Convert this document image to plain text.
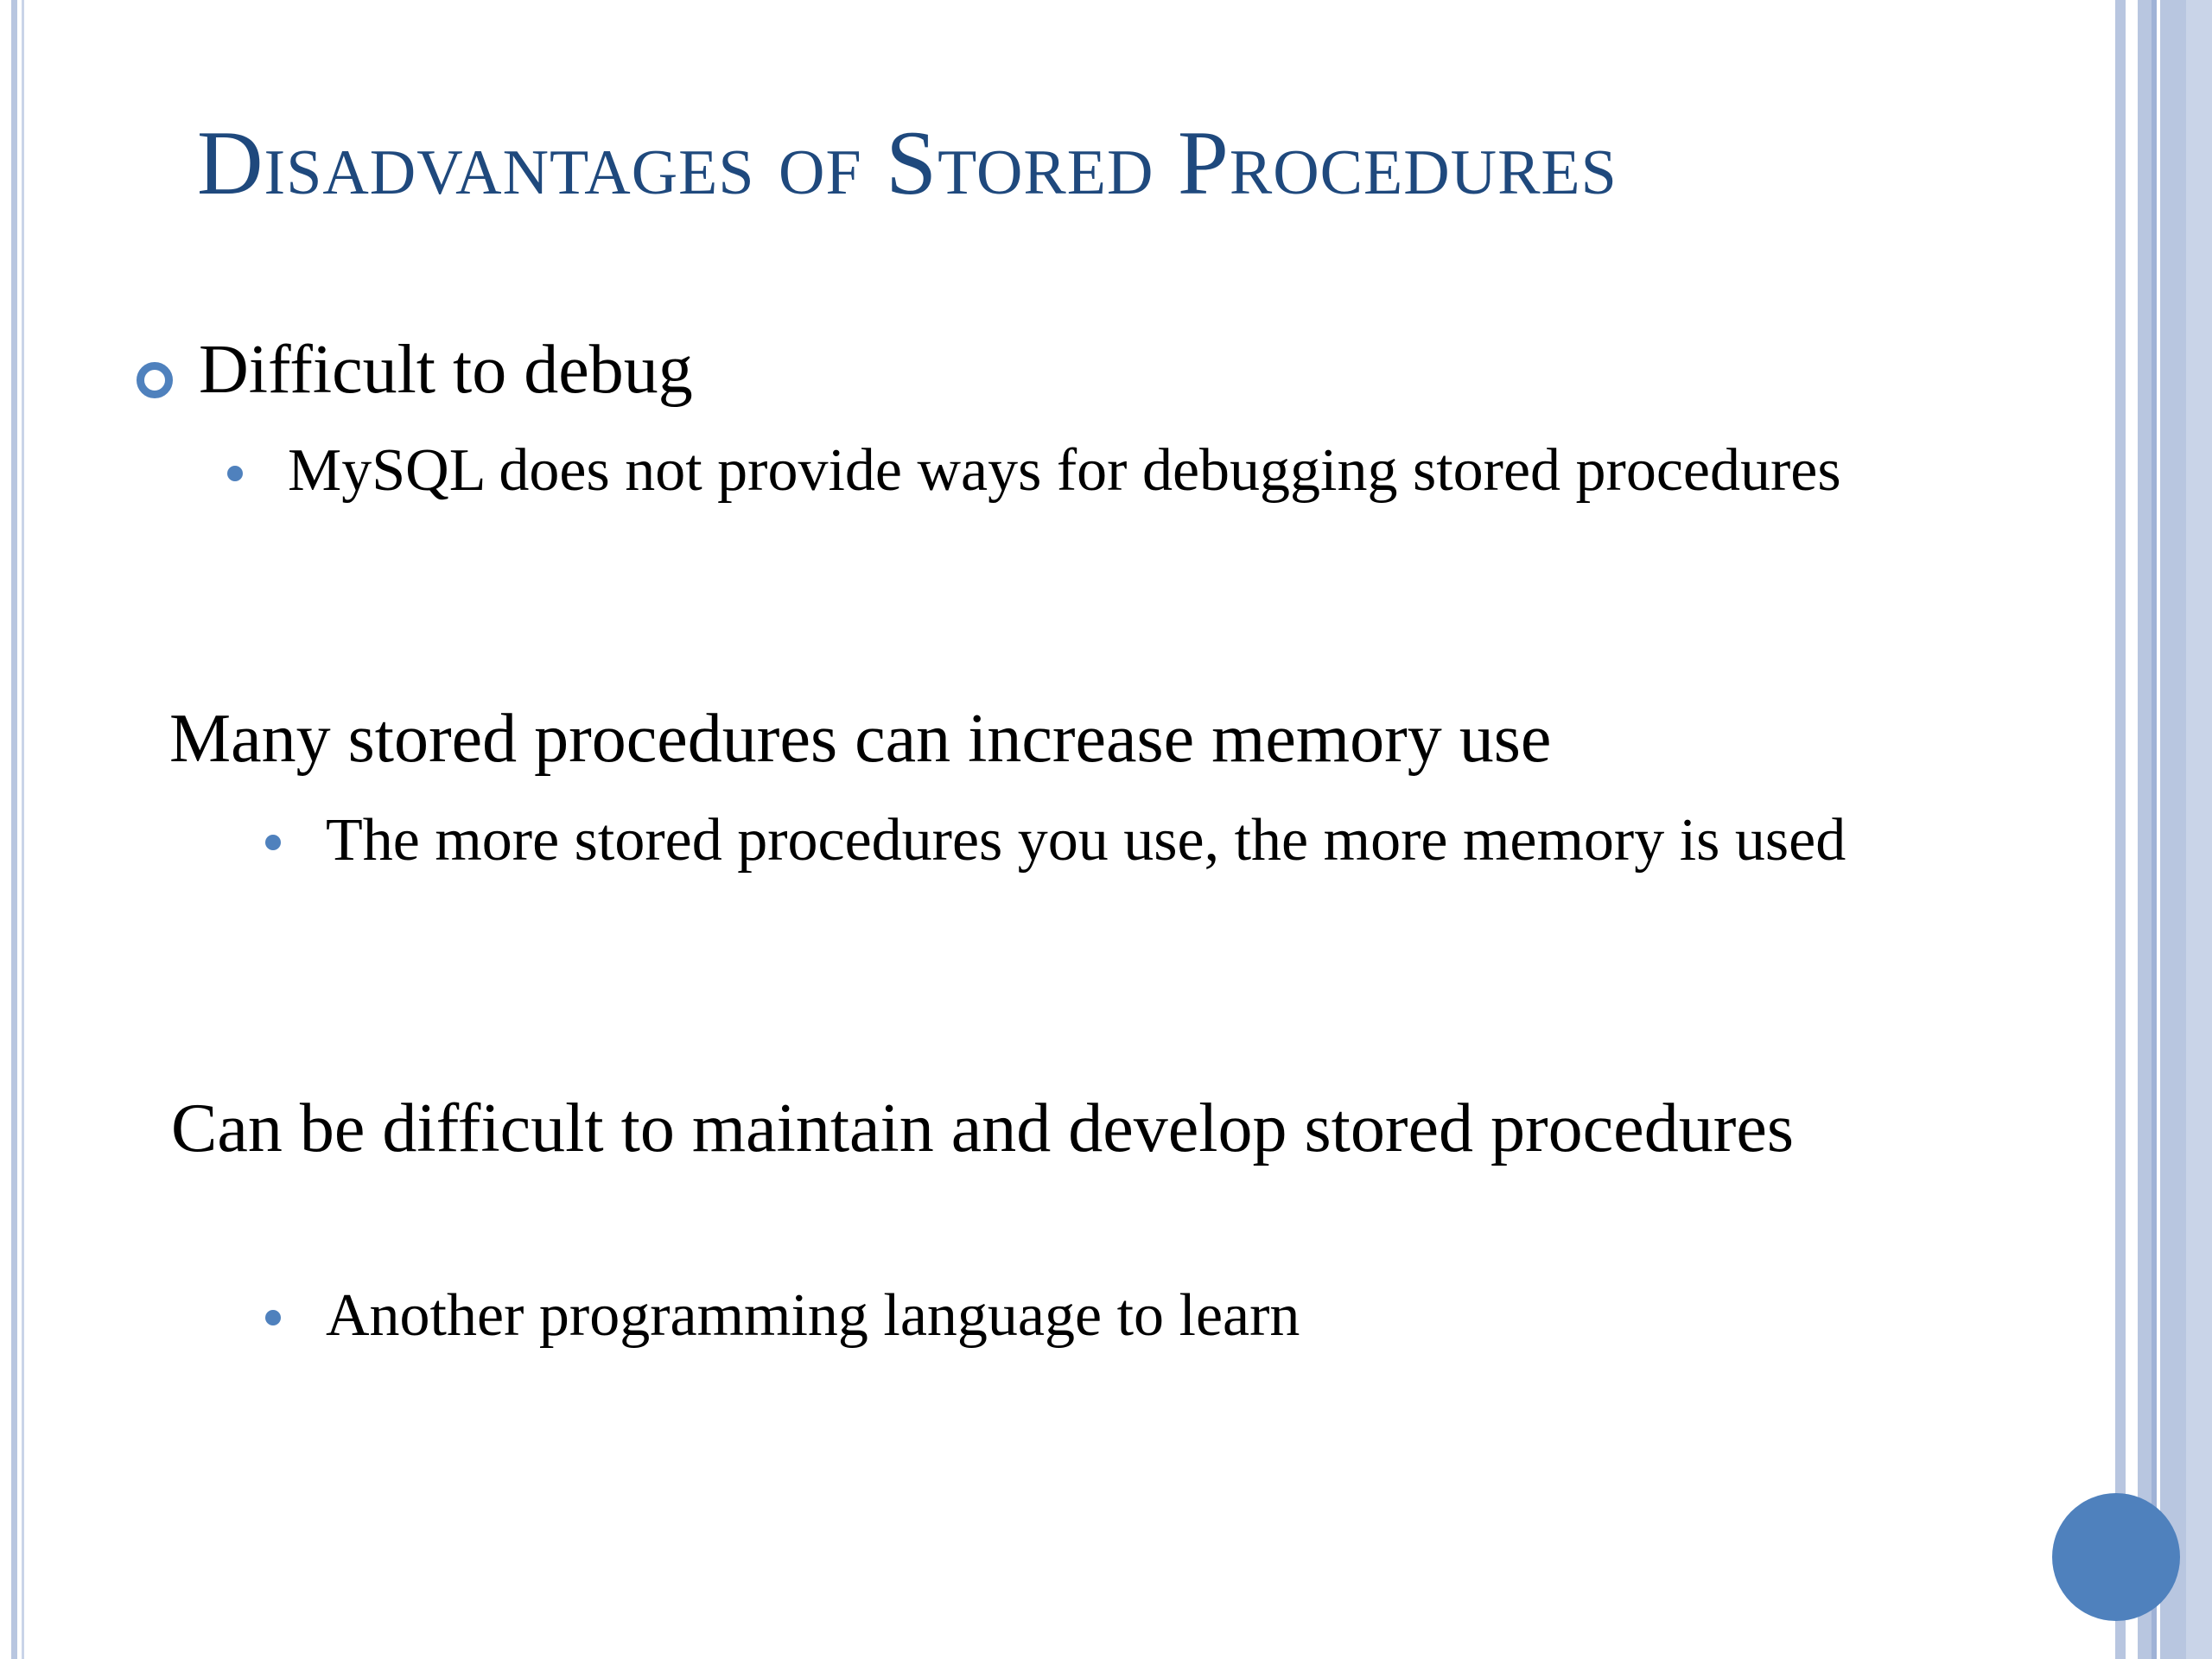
Disadvantages of Stored Procedures

Difficult to debug

MySQL does not provide ways for debugging stored procedures

Many stored procedures can increase memory use

The more stored procedures you use, the more memory is used

Can be difficult to maintain and develop stored procedures

Another programming language to learn
